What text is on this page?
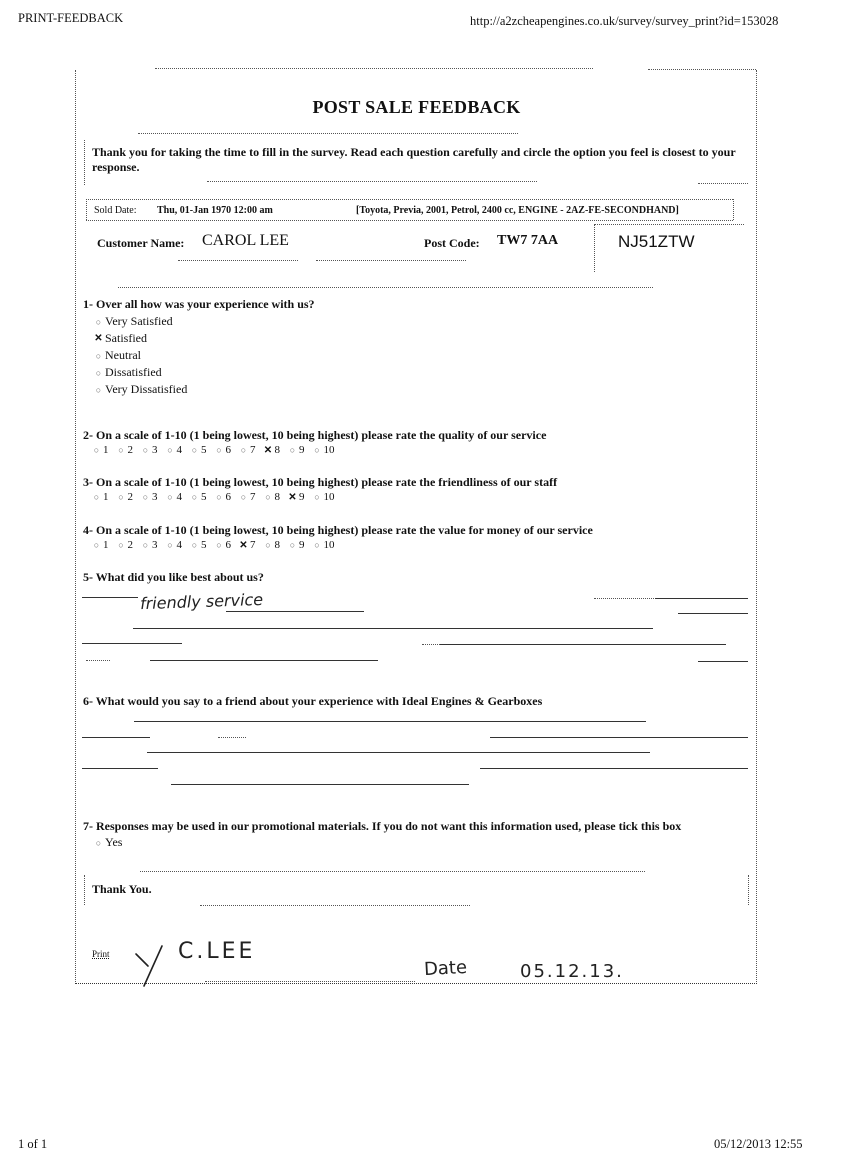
PRINT-FEEDBACK	http://a2zcheapengines.co.uk/survey/survey_print?id=153028
POST SALE FEEDBACK
Thank you for taking the time to fill in the survey. Read each question carefully and circle the option you feel is closest to your response.
Sold Date: Thu, 01-Jan 1970 12:00 am	[Toyota, Previa, 2001, Petrol, 2400 cc, ENGINE - 2AZ-FE-SECONDHAND]
Customer Name: CAROL LEE	Post Code: TW7 7AA	NJ51ZTW
1- Over all how was your experience with us?
○ Very Satisfied
✕ Satisfied
○ Neutral
○ Dissatisfied
○ Very Dissatisfied
2- On a scale of 1-10 (1 being lowest, 10 being highest) please rate the quality of our service
○ 1 ○ 2 ○ 3 ○ 4 ○ 5 ○ 6 ○ 7 ✕ 8 ○ 9 ○ 10
3- On a scale of 1-10 (1 being lowest, 10 being highest) please rate the friendliness of our staff
○ 1 ○ 2 ○ 3 ○ 4 ○ 5 ○ 6 ○ 7 ○ 8 ✕ 9 ○ 10
4- On a scale of 1-10 (1 being lowest, 10 being highest) please rate the value for money of our service
○ 1 ○ 2 ○ 3 ○ 4 ○ 5 ○ 6 ✕ 7 ○ 8 ○ 9 ○ 10
5- What did you like best about us?
friendly service
6- What would you say to a friend about your experience with Ideal Engines & Gearboxes
7- Responses may be used in our promotional materials. If you do not want this information used, please tick this box
○ Yes
Thank You.
Print	C.LEE
Date	05.12.13.
1 of 1	05/12/2013 12:55
